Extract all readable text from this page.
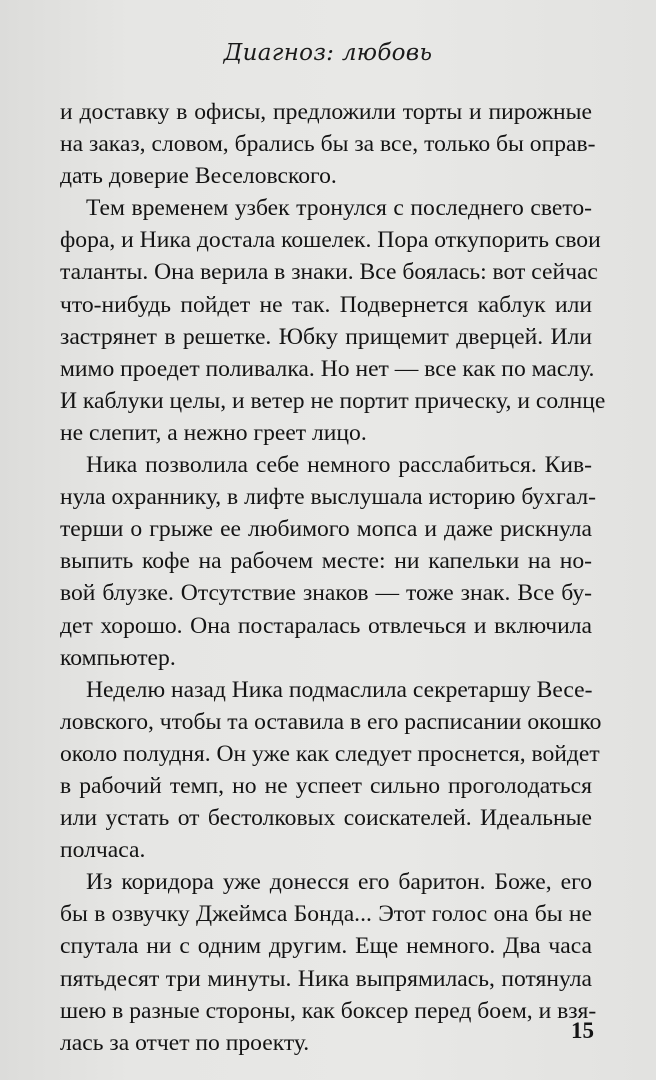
Диагноз: любовь
и доставку в офисы, предложили торты и пирожные
на заказ, словом, брались бы за все, только бы оправ-
дать доверие Веселовского.
Тем временем узбек тронулся с последнего свето-
фора, и Ника достала кошелек. Пора откупорить свои
таланты. Она верила в знаки. Все боялась: вот сейчас
что-нибудь пойдет не так. Подвернется каблук или
застрянет в решетке. Юбку прищемит дверцей. Или
мимо проедет поливалка. Но нет — все как по маслу.
И каблуки целы, и ветер не портит прическу, и солнце
не слепит, а нежно греет лицо.
Ника позволила себе немного расслабиться. Кив-
нула охраннику, в лифте выслушала историю бухгал-
терши о грыже ее любимого мопса и даже рискнула
выпить кофе на рабочем месте: ни капельки на но-
вой блузке. Отсутствие знаков — тоже знак. Все бу-
дет хорошо. Она постаралась отвлечься и включила
компьютер.
Неделю назад Ника подмаслила секретаршу Весе-
ловского, чтобы та оставила в его расписании окошко
около полудня. Он уже как следует проснется, войдет
в рабочий темп, но не успеет сильно проголодаться
или устать от бестолковых соискателей. Идеальные
полчаса.
Из коридора уже донесся его баритон. Боже, его
бы в озвучку Джеймса Бонда... Этот голос она бы не
спутала ни с одним другим. Еще немного. Два часа
пятьдесят три минуты. Ника выпрямилась, потянула
шею в разные стороны, как боксер перед боем, и взя-
лась за отчет по проекту.	15
